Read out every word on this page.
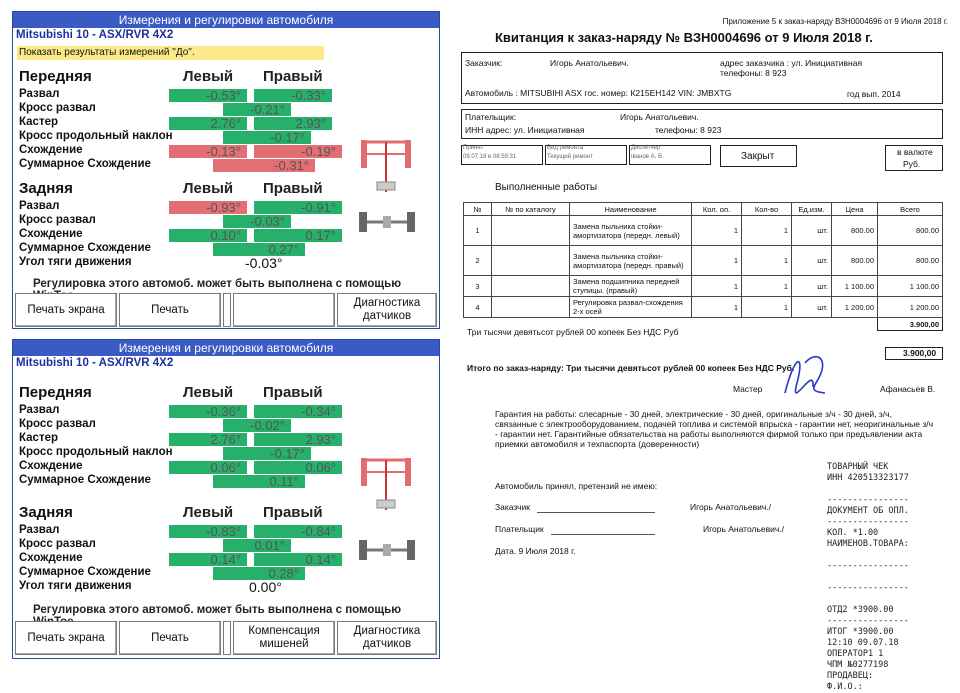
Измерения и регулировки автомобиля
Mitsubishi 10 - ASX/RVR 4X2
Показать результаты измерений "До".
Передняя	Левый Правый
Развал	-0.53°	-0.33°
Кросс развал	-0.21°
Кастер	2.76°	2.93°
Кросс продольный наклон	-0.17°
Схождение	-0.13°	-0.19°
Суммарное Схождение	-0.31°
Задняя	Левый Правый
Развал	-0.93°	-0.91°
Кросс развал	-0.03°
Схождение	0.10°	0.17°
Суммарное Схождение	0.27°
Угол тяги движения	-0.03°
Регулировка этого автомоб. может быть выполнена с помощью
Печать экрана	Печать
Диагностика датчиков
Измерения и регулировки автомобиля
Mitsubishi 10 - ASX/RVR 4X2
Передняя	Левый Правый
Развал	-0.36°	-0.34°
Кросс развал	-0.02°
Кастер	2.76°	2.93°
Кросс продольный наклон	-0.17°
Схождение	0.06°	0.06°
Суммарное Схождение	0.11°
Задняя	Левый Правый
Развал	-0.83°	-0.84°
Кросс развал	0.01°
Схождение	0.14°	0.14°
Суммарное Схождение	0.28°
Угол тяги движения	0.00°
Регулировка этого автомоб. может быть выполнена с помощью
Печать экрана	Печать
Компенсация мишеней
Диагностика датчиков
Приложение 5 к заказ-наряду ВЗН0004696 от 9 Июля 2018 г.
Квитанция к заказ-наряду № ВЗН0004696 от 9 Июля 2018 г.
Заказчик:	Игорь Анатольевич.	адрес заказчика : ул. Инициативная
телефоны: 8 923
Автомобиль : MITSUBIHI ASX гос. номер: К215ЕН142 VIN: JMBXTG	год вып. 2014
Плательщик:	Игорь Анатольевич.
ИНН адрес: ул. Инициативная	телефоны: 8 923
Принят
09.07.18 в 08:59:31
Вид ремонта
Текущий ремонт
Диспетчер
Іванов А. В.	Закрыт	в валюте
Руб.
Выполненные работы
№	№ по каталогу	Наименование	Кол. оп.	Кол-во	Ед.изм.	Цена	Всего
1		Замена пыльника стойки-амортизатора (передн. левый)	1	1	шт.	800.00	800.00
2		Замена пыльника стойки-амортизатора (передн. правый)	1	1	шт.	800.00	800.00
3		Замена подшипника передней ступицы. (правый)	1	1	шт.	1 100.00	1 100.00
4		Регулировка развал-схождения 2-х осей	1	1	шт.	1 200.00	1 200.00
							3.900,00
Три тысячи девятьсот рублей 00 копеек Без НДС Руб
3.900,00
Итого по заказ-наряду: Три тысячи девятьсот рублей 00 копеек Без НДС Руб.
Мастер	Афанасьев В.
Гарантия на работы: слесарные - 30 дней, электрические - 30 дней, оригинальные з/ч - 30 дней, з/ч, связанные с электрооборудованием, подачей топлива и системой впрыска - гарантии нет, неоригинальные з/ч - гарантии нет. Гарантийные обязательства на работы выполняются фирмой только при предъявлении акта приемки автомобиля и техпаспорта (доверенности)
Автомобиль принял, претензий не имею:
Заказчик	Игорь Анатольевич./
Плательщик	Игорь Анатольевич./
Дата. 9 Июля 2018 г.
ТОВАРНЫЙ ЧЕК
ИНН 420513323177
----------------
ДОКУМЕНТ ОБ ОПЛ.
----------------
КОЛ. *1.00
НАИМЕНОВ.ТОВАРА:
----------------
----------------
ОТД2 *3900.00
----------------
ИТОГ *3900.00
12:10 09.07.18
ОПЕРАТОР1 1
ЧПМ №0277198
ПРОДАВЕЦ:
Ф.И.О.:
